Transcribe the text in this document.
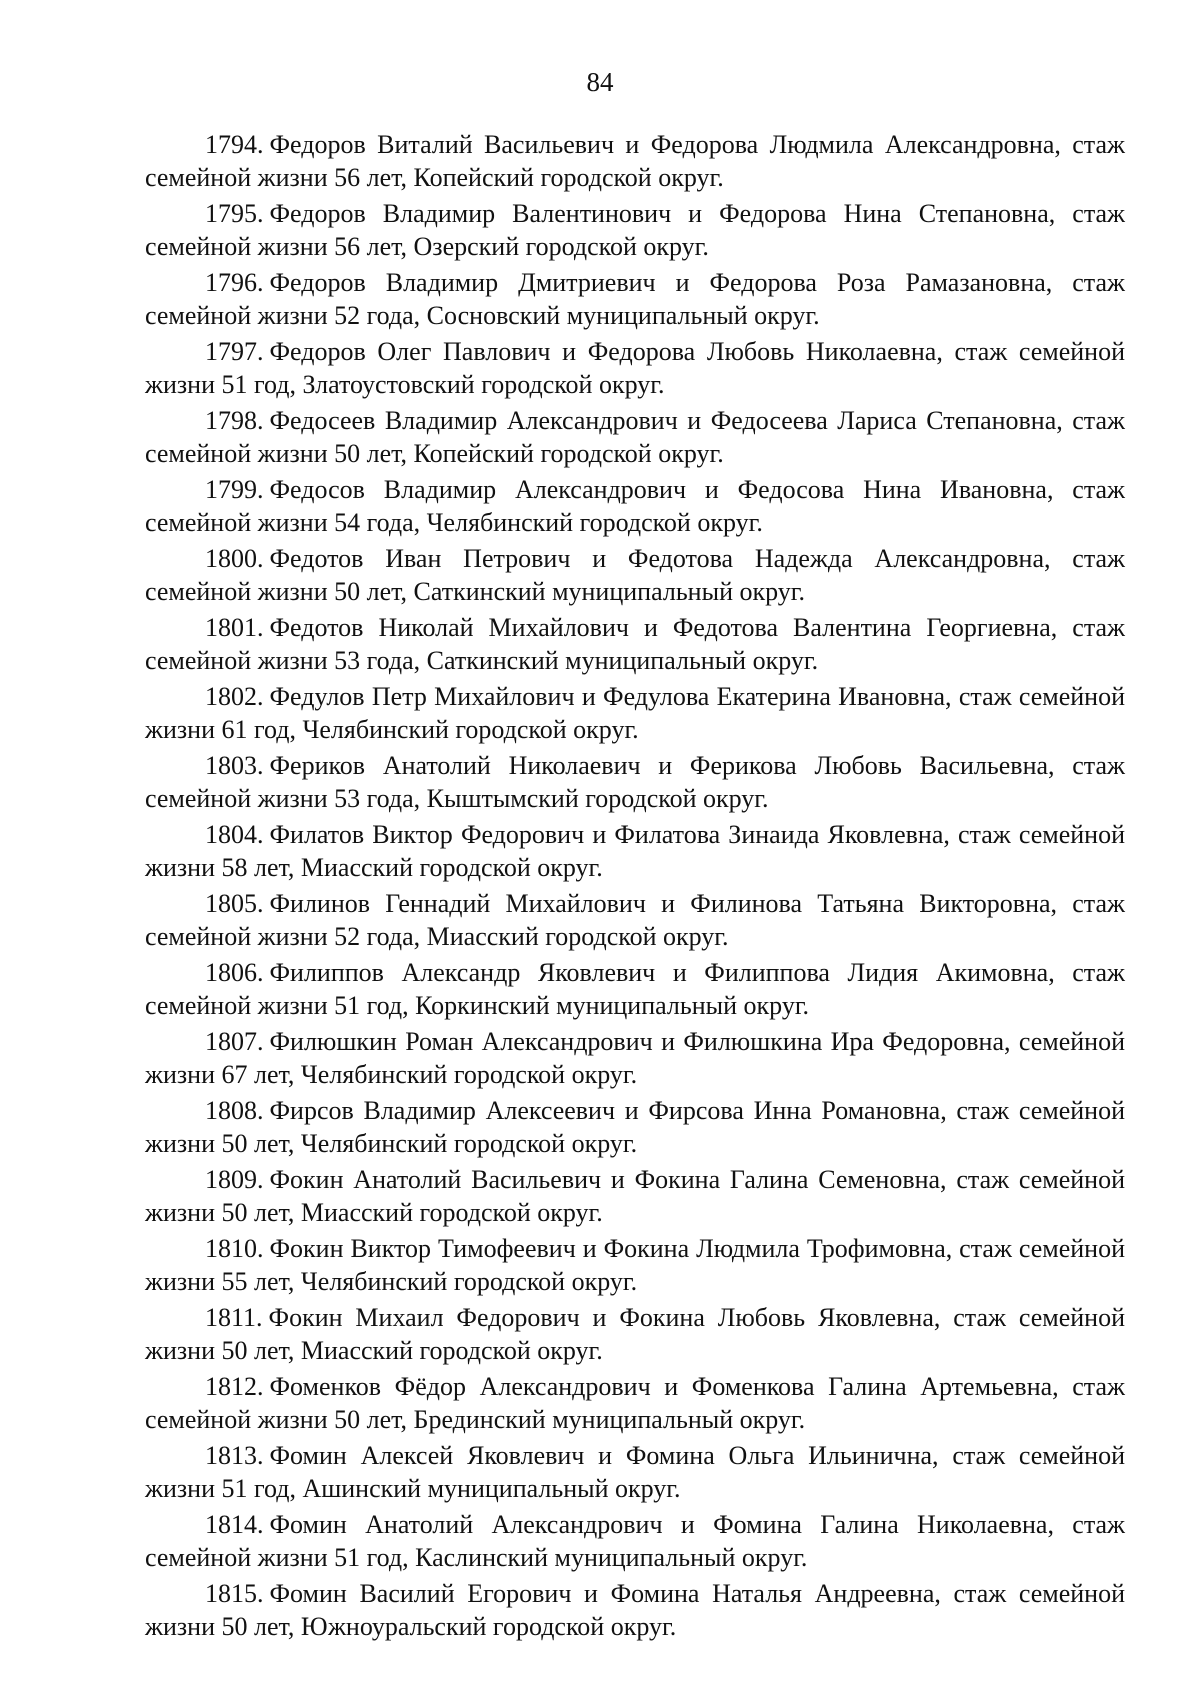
84

1794. Федоров Виталий Васильевич и Федорова Людмила Александровна, стаж семейной жизни 56 лет, Копейский городской округ.

1795. Федоров Владимир Валентинович и Федорова Нина Степановна, стаж семейной жизни 56 лет, Озерский городской округ.

1796. Федоров Владимир Дмитриевич и Федорова Роза Рамазановна, стаж семейной жизни 52 года, Сосновский муниципальный округ.

1797. Федоров Олег Павлович и Федорова Любовь Николаевна, стаж семейной жизни 51 год, Златоустовский городской округ.

1798. Федосеев Владимир Александрович и Федосеева Лариса Степановна, стаж семейной жизни 50 лет, Копейский городской округ.

1799. Федосов Владимир Александрович и Федосова Нина Ивановна, стаж семейной жизни 54 года, Челябинский городской округ.

1800. Федотов Иван Петрович и Федотова Надежда Александровна, стаж семейной жизни 50 лет, Саткинский муниципальный округ.

1801. Федотов Николай Михайлович и Федотова Валентина Георгиевна, стаж семейной жизни 53 года, Саткинский муниципальный округ.

1802. Федулов Петр Михайлович и Федулова Екатерина Ивановна, стаж семейной жизни 61 год, Челябинский городской округ.

1803. Фериков Анатолий Николаевич и Ферикова Любовь Васильевна, стаж семейной жизни 53 года, Кыштымский городской округ.

1804. Филатов Виктор Федорович и Филатова Зинаида Яковлевна, стаж семейной жизни 58 лет, Миасский городской округ.

1805. Филинов Геннадий Михайлович и Филинова Татьяна Викторовна, стаж семейной жизни 52 года, Миасский городской округ.

1806. Филиппов Александр Яковлевич и Филиппова Лидия Акимовна, стаж семейной жизни 51 год, Коркинский муниципальный округ.

1807. Филюшкин Роман Александрович и Филюшкина Ира Федоровна, семейной жизни 67 лет, Челябинский городской округ.

1808. Фирсов Владимир Алексеевич и Фирсова Инна Романовна, стаж семейной жизни 50 лет, Челябинский городской округ.

1809. Фокин Анатолий Васильевич и Фокина Галина Семеновна, стаж семейной жизни 50 лет, Миасский городской округ.

1810. Фокин Виктор Тимофеевич и Фокина Людмила Трофимовна, стаж семейной жизни 55 лет, Челябинский городской округ.

1811. Фокин Михаил Федорович и Фокина Любовь Яковлевна, стаж семейной жизни 50 лет, Миасский городской округ.

1812. Фоменков Фёдор Александрович и Фоменкова Галина Артемьевна, стаж семейной жизни 50 лет, Брединский муниципальный округ.

1813. Фомин Алексей Яковлевич и Фомина Ольга Ильинична, стаж семейной жизни 51 год, Ашинский муниципальный округ.

1814. Фомин Анатолий Александрович и Фомина Галина Николаевна, стаж семейной жизни 51 год, Каслинский муниципальный округ.

1815. Фомин Василий Егорович и Фомина Наталья Андреевна, стаж семейной жизни 50 лет, Южноуральский городской округ.
